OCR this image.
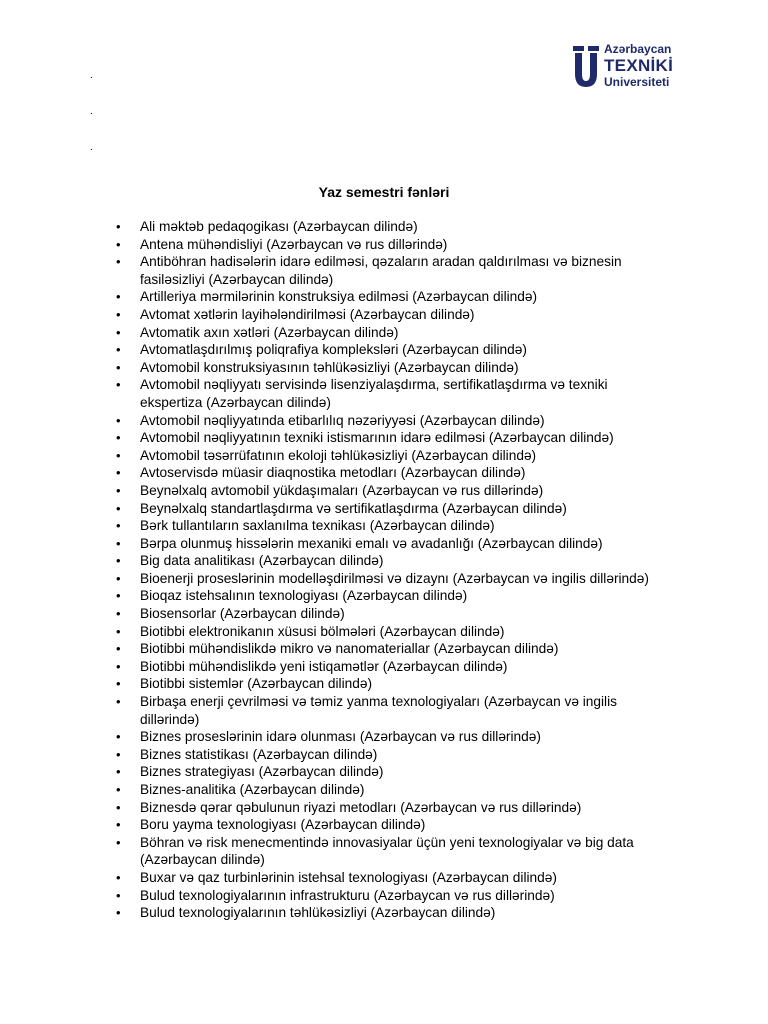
Azərbaycan
TEXNİKİ
Universiteti
.
.
.
Yaz semestri fənləri
• Ali məktəb pedaqogikası (Azərbaycan dilində)
• Antena mühəndisliyi (Azərbaycan və rus dillərində)
• Antiböhran hadisələrin idarə edilməsi, qəzaların aradan qaldırılması və biznesin
fasiləsizliyi (Azərbaycan dilində)
• Artilleriya mərmilərinin konstruksiya edilməsi (Azərbaycan dilində)
• Avtomat xətlərin layihələndirilməsi (Azərbaycan dilində)
• Avtomatik axın xətləri (Azərbaycan dilində)
• Avtomatlaşdırılmış poliqrafiya kompleksləri (Azərbaycan dilində)
• Avtomobil konstruksiyasının təhlükəsizliyi (Azərbaycan dilində)
• Avtomobil nəqliyyatı servisində lisenziyalaşdırma, sertifikatlaşdırma və texniki
ekspertiza (Azərbaycan dilində)
• Avtomobil nəqliyyatında etibarlılıq nəzəriyyəsi (Azərbaycan dilində)
• Avtomobil nəqliyyatının texniki istismarının idarə edilməsi (Azərbaycan dilində)
• Avtomobil təsərrüfatının ekoloji təhlükəsizliyi (Azərbaycan dilində)
• Avtoservisdə müasir diaqnostika metodları (Azərbaycan dilində)
• Beynəlxalq avtomobil yükdaşımaları (Azərbaycan və rus dillərində)
• Beynəlxalq standartlaşdırma və sertifikatlaşdırma (Azərbaycan dilində)
• Bərk tullantıların saxlanılma texnikası (Azərbaycan dilində)
• Bərpa olunmuş hissələrin mexaniki emalı və avadanlığı (Azərbaycan dilində)
• Big data analitikası (Azərbaycan dilində)
• Bioenerji proseslərinin modelləşdirilməsi və dizaynı (Azərbaycan və ingilis dillərində)
• Bioqaz istehsalının texnologiyası (Azərbaycan dilində)
• Biosensorlar (Azərbaycan dilində)
• Biotibbi elektronikanın xüsusi bölmələri (Azərbaycan dilində)
• Biotibbi mühəndislikdə mikro və nanomateriallar (Azərbaycan dilində)
• Biotibbi mühəndislikdə yeni istiqamətlər (Azərbaycan dilində)
• Biotibbi sistemlər (Azərbaycan dilində)
• Birbaşa enerji çevrilməsi və təmiz yanma texnologiyaları (Azərbaycan və ingilis
dillərində)
• Biznes proseslərinin idarə olunması (Azərbaycan və rus dillərində)
• Biznes statistikası (Azərbaycan dilində)
• Biznes strategiyası (Azərbaycan dilində)
• Biznes-analitika (Azərbaycan dilində)
• Biznesdə qərar qəbulunun riyazi metodları (Azərbaycan və rus dillərində)
• Boru yayma texnologiyası (Azərbaycan dilində)
• Böhran və risk menecmentində innovasiyalar üçün yeni texnologiyalar və big data
(Azərbaycan dilində)
• Buxar və qaz turbinlərinin istehsal texnologiyası (Azərbaycan dilində)
• Bulud texnologiyalarının infrastrukturu (Azərbaycan və rus dillərində)
• Bulud texnologiyalarının təhlükəsizliyi (Azərbaycan dilində)
